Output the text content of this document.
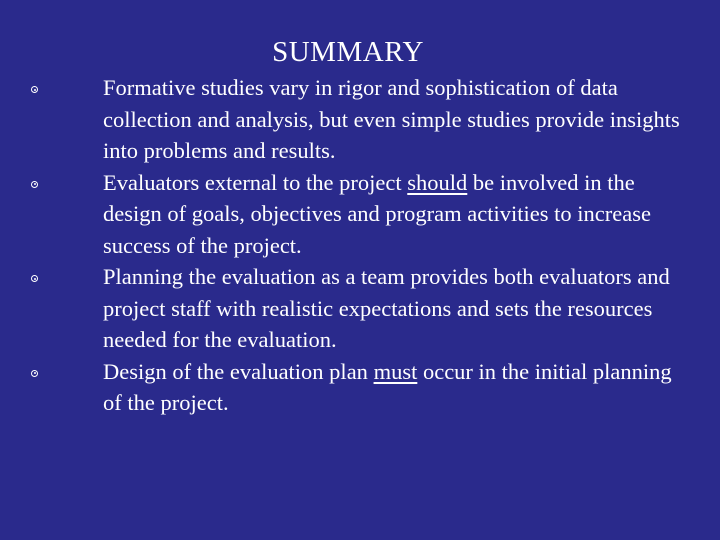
SUMMARY
Formative studies vary in rigor and sophistication of data collection and analysis, but even simple studies provide insights into problems and results.
Evaluators external to the project should be involved in the design of goals, objectives and program activities to increase success of the project.
Planning the evaluation as a team provides both evaluators and project staff with realistic expectations and sets the resources needed for the evaluation.
Design of the evaluation plan must occur in the initial planning of the project.
